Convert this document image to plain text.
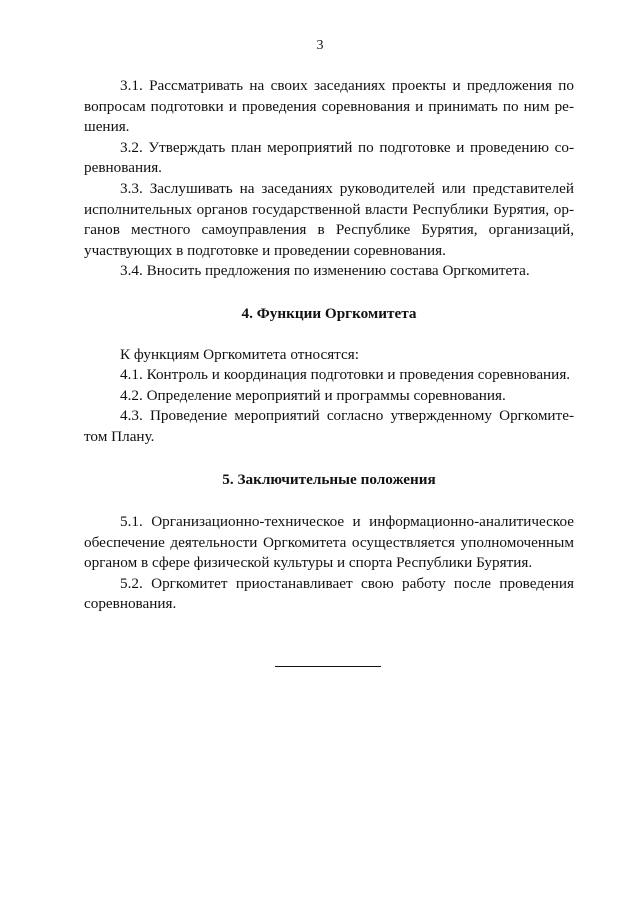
3

3.1. Рассматривать на своих заседаниях проекты и предложения по вопросам подготовки и проведения соревнования и принимать по ним решения.

3.2. Утверждать план мероприятий по подготовке и проведению соревнования.

3.3. Заслушивать на заседаниях руководителей или представителей исполнительных органов государственной власти Республики Бурятия, органов местного самоуправления в Республике Бурятия, организаций, участвующих в подготовке и проведении соревнования.

3.4. Вносить предложения по изменению состава Оргкомитета.

4. Функции Оргкомитета

К функциям Оргкомитета относятся:

4.1. Контроль и координация подготовки и проведения соревнования.

4.2. Определение мероприятий и программы соревнования.

4.3. Проведение мероприятий согласно утвержденному Оргкомитетом Плану.

5. Заключительные положения

5.1. Организационно-техническое и информационно-аналитическое обеспечение деятельности Оргкомитета осуществляется уполномоченным органом в сфере физической культуры и спорта Республики Бурятия.

5.2. Оргкомитет приостанавливает свою работу после проведения соревнования.
